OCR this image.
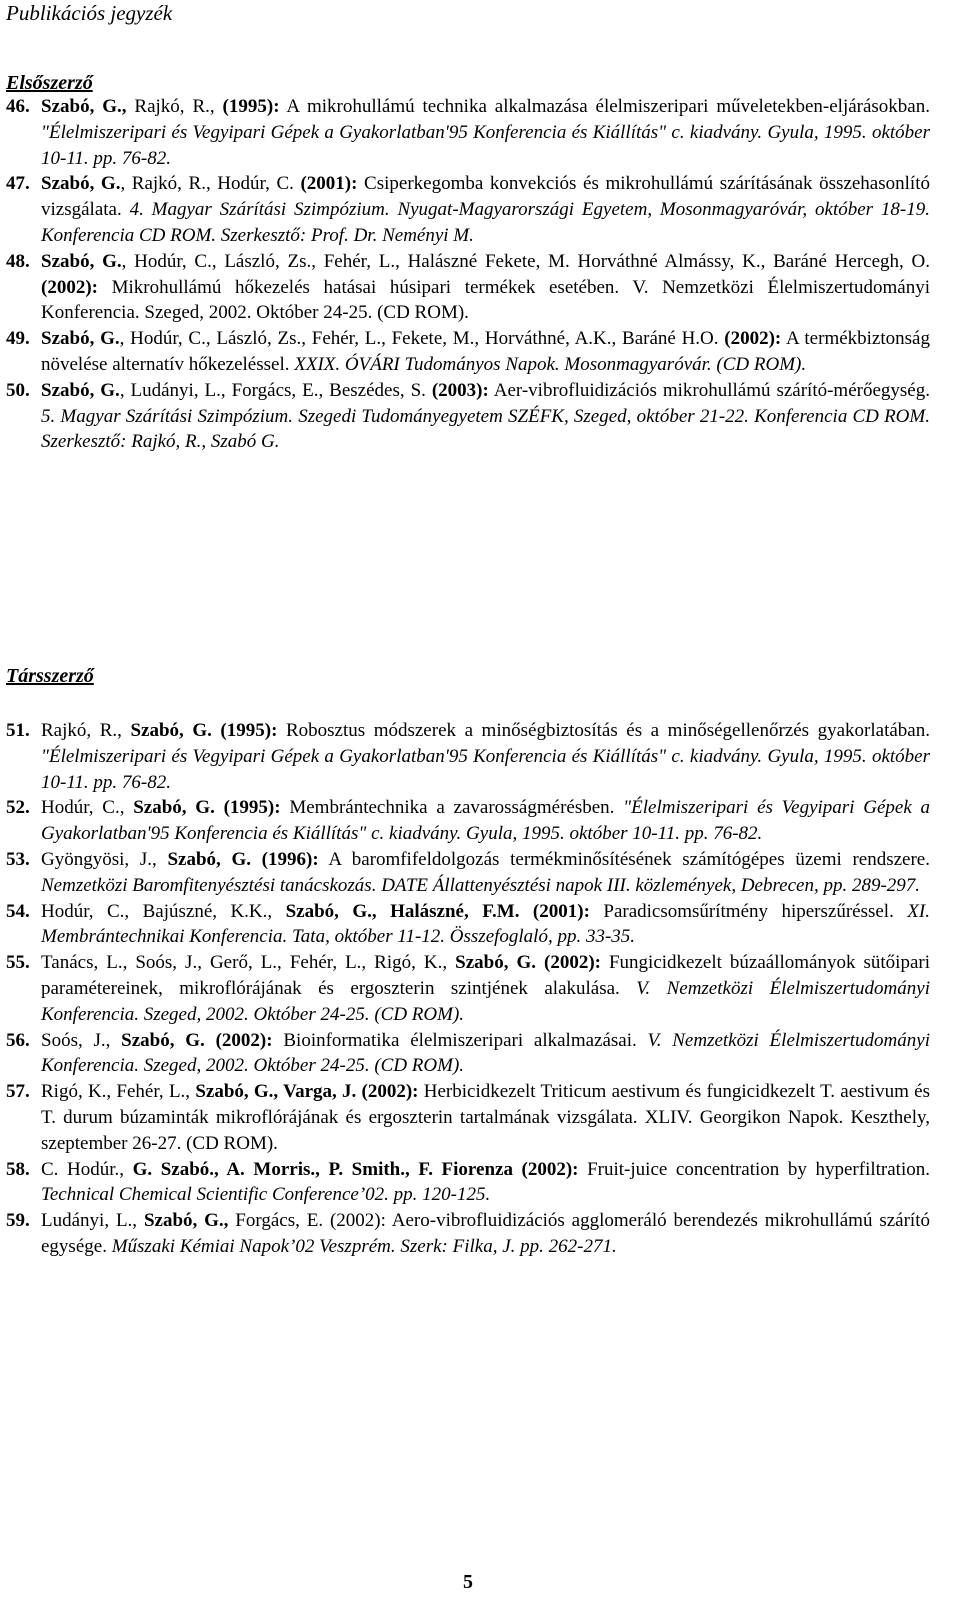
Publikációs jegyzék
Elsőszerző
46. Szabó, G., Rajkó, R., (1995): A mikrohullámú technika alkalmazása élelmiszeripari műveletekben-eljárásokban. "Élelmiszeripari és Vegyipari Gépek a Gyakorlatban'95 Konferencia és Kiállítás" c. kiadvány. Gyula, 1995. október 10-11. pp. 76-82.
47. Szabó, G., Rajkó, R., Hodúr, C. (2001): Csiperkegomba konvekciós és mikrohullámú szárításának összehasonlító vizsgálata. 4. Magyar Szárítási Szimpózium. Nyugat-Magyarországi Egyetem, Mosonmagyaróvár, október 18-19. Konferencia CD ROM. Szerkesztő: Prof. Dr. Neményi M.
48. Szabó, G., Hodúr, C., László, Zs., Fehér, L., Halászné Fekete, M. Horváthné Almássy, K., Baráné Hercegh, O. (2002): Mikrohullámú hőkezelés hatásai húsipari termékek esetében. V. Nemzetközi Élelmiszertudományi Konferencia. Szeged, 2002. Október 24-25. (CD ROM).
49. Szabó, G., Hodúr, C., László, Zs., Fehér, L., Fekete, M., Horváthné, A.K., Baráné H.O. (2002): A termékbiztonság növelése alternatív hőkezeléssel. XXIX. ÓVÁRI Tudományos Napok. Mosonmagyaróvár. (CD ROM).
50. Szabó, G., Ludányi, L., Forgács, E., Beszédes, S. (2003): Aer-vibrofluidizációs mikrohullámú szárító-mérőegység. 5. Magyar Szárítási Szimpózium. Szegedi Tudományegyetem SZÉFK, Szeged, október 21-22. Konferencia CD ROM. Szerkesztő: Rajkó, R., Szabó G.
Társszerző
51. Rajkó, R., Szabó, G. (1995): Robosztus módszerek a minőségbiztosítás és a minőségellenőrzés gyakorlatában. "Élelmiszeripari és Vegyipari Gépek a Gyakorlatban'95 Konferencia és Kiállítás" c. kiadvány. Gyula, 1995. október 10-11. pp. 76-82.
52. Hodúr, C., Szabó, G. (1995): Membrántechnika a zavarosságmérésben. "Élelmiszeripari és Vegyipari Gépek a Gyakorlatban'95 Konferencia és Kiállítás" c. kiadvány. Gyula, 1995. október 10-11. pp. 76-82.
53. Gyöngyösi, J., Szabó, G. (1996): A baromfifeldolgozás termékminősítésének számítógépes üzemi rendszere. Nemzetközi Baromfitenyésztési tanácskozás. DATE Állattenyésztési napok III. közlemények, Debrecen, pp. 289-297.
54. Hodúr, C., Bajúszné, K.K., Szabó, G., Halászné, F.M. (2001): Paradicsomsűrítmény hiperszűréssel. XI. Membrántechnikai Konferencia. Tata, október 11-12. Összefoglaló, pp. 33-35.
55. Tanács, L., Soós, J., Gerő, L., Fehér, L., Rigó, K., Szabó, G. (2002): Fungicidkezelt búzaállományok sütőipari paramétereinek, mikroflórájának és ergoszterin szintjének alakulása. V. Nemzetközi Élelmiszertudományi Konferencia. Szeged, 2002. Október 24-25. (CD ROM).
56. Soós, J., Szabó, G. (2002): Bioinformatika élelmiszeripari alkalmazásai. V. Nemzetközi Élelmiszertudományi Konferencia. Szeged, 2002. Október 24-25. (CD ROM).
57. Rigó, K., Fehér, L., Szabó, G., Varga, J. (2002): Herbicidkezelt Triticum aestivum és fungicidkezelt T. aestivum és T. durum búzaminták mikroflórájának és ergoszterin tartalmának vizsgálata. XLIV. Georgikon Napok. Keszthely, szeptember 26-27. (CD ROM).
58. C. Hodúr., G. Szabó., A. Morris., P. Smith., F. Fiorenza (2002): Fruit-juice concentration by hyperfiltration. Technical Chemical Scientific Conference’02. pp. 120-125.
59. Ludányi, L., Szabó, G., Forgács, E. (2002): Aero-vibrofluidizációs agglomeráló berendezés mikrohullámú szárító egysége. Műszaki Kémiai Napok’02 Veszprém. Szerk: Filka, J. pp. 262-271.
5
